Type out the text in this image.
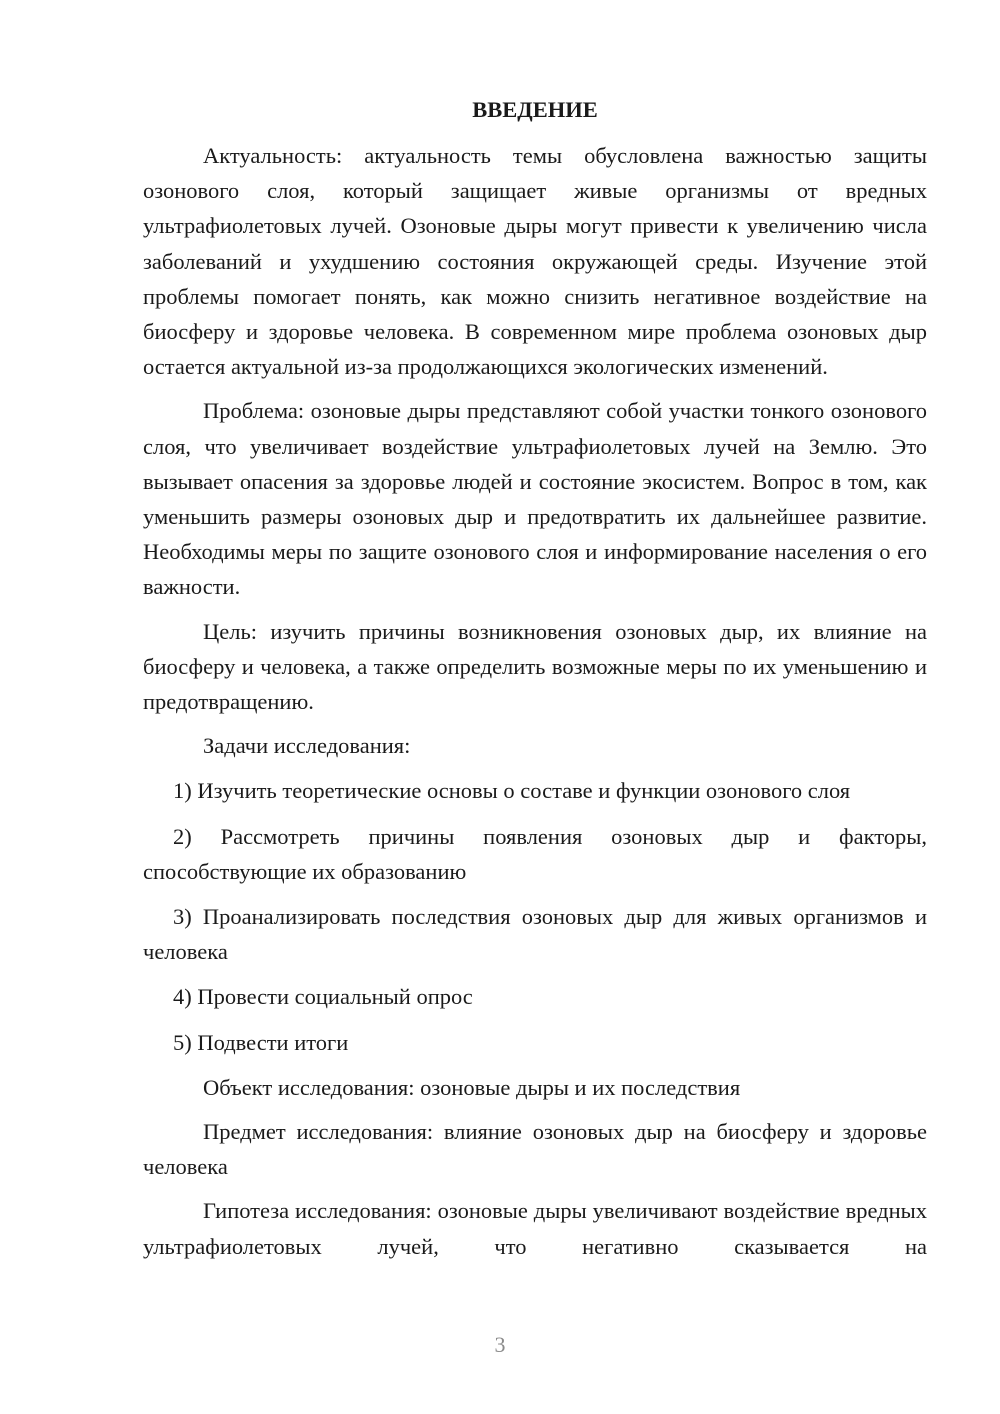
ВВЕДЕНИЕ

Актуальность: актуальность темы обусловлена важностью защиты озонового слоя, который защищает живые организмы от вредных ультрафиолетовых лучей. Озоновые дыры могут привести к увеличению числа заболеваний и ухудшению состояния окружающей среды. Изучение этой проблемы помогает понять, как можно снизить негативное воздействие на биосферу и здоровье человека. В современном мире проблема озоновых дыр остается актуальной из-за продолжающихся экологических изменений.

Проблема: озоновые дыры представляют собой участки тонкого озонового слоя, что увеличивает воздействие ультрафиолетовых лучей на Землю. Это вызывает опасения за здоровье людей и состояние экосистем. Вопрос в том, как уменьшить размеры озоновых дыр и предотвратить их дальнейшее развитие. Необходимы меры по защите озонового слоя и информирование населения о его важности.

Цель: изучить причины возникновения озоновых дыр, их влияние на биосферу и человека, а также определить возможные меры по их уменьшению и предотвращению.

Задачи исследования:

1) Изучить теоретические основы о составе и функции озонового слоя

2) Рассмотреть причины появления озоновых дыр и факторы, способствующие их образованию

3) Проанализировать последствия озоновых дыр для живых организмов и человека

4) Провести социальный опрос

5) Подвести итоги

Объект исследования: озоновые дыры и их последствия

Предмет исследования: влияние озоновых дыр на биосферу и здоровье человека

Гипотеза исследования: озоновые дыры увеличивают воздействие вредных ультрафиолетовых лучей, что негативно сказывается на

3
